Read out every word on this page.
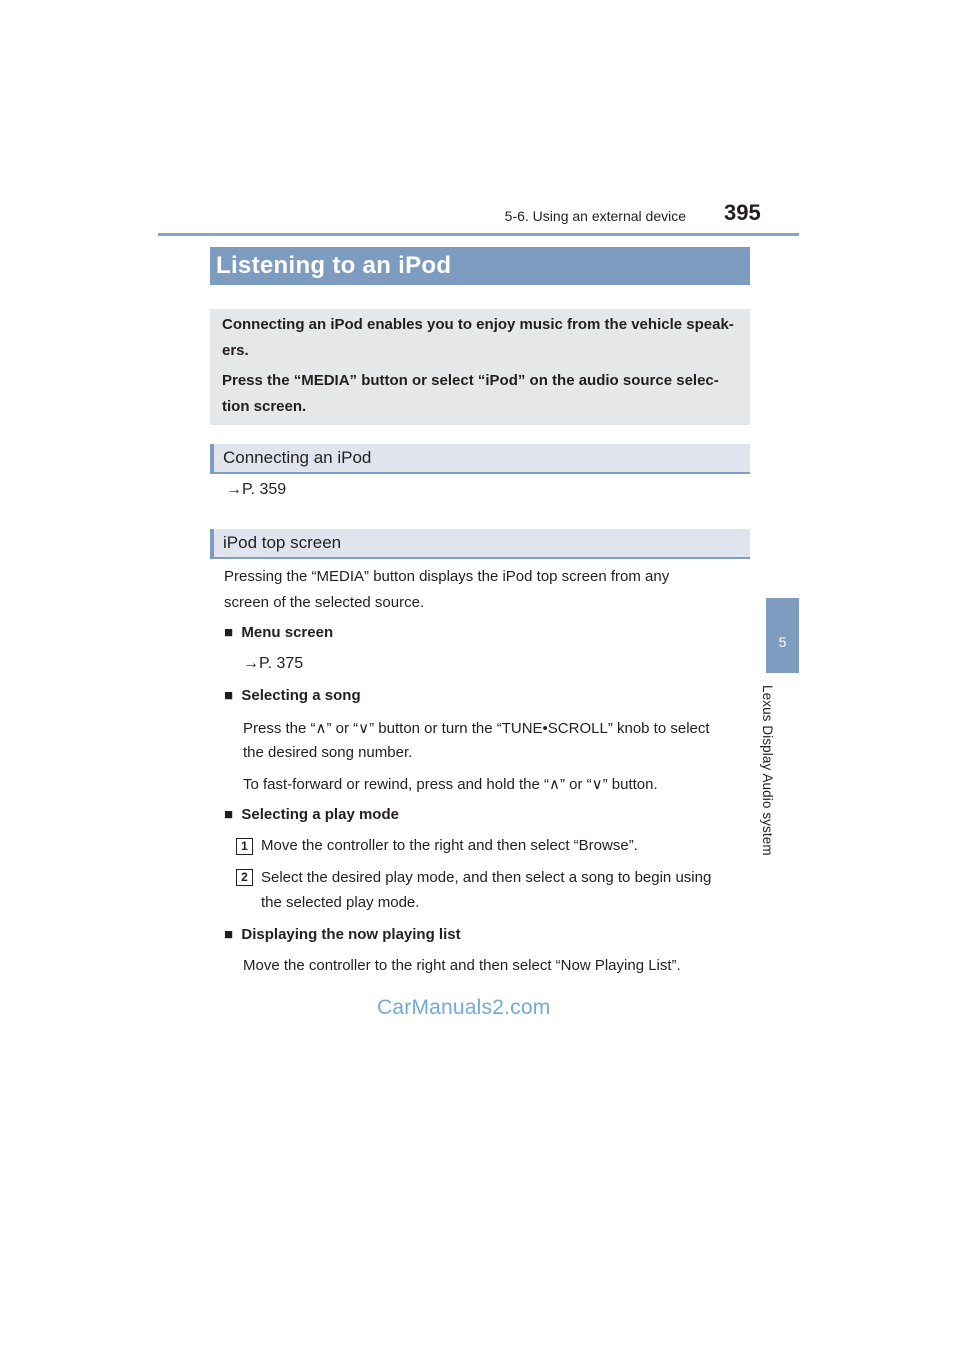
5-6. Using an external device 395
5
Lexus Display Audio system
Listening to an iPod
Connecting an iPod enables you to enjoy music from the vehicle speak-
ers.
Press the “MEDIA” button or select “iPod” on the audio source selec-
tion screen.
Connecting an iPod
→P. 359
iPod top screen
Pressing the “MEDIA” button displays the iPod top screen from any
screen of the selected source.
■ Menu screen
→P. 375
■ Selecting a song
Press the “∧” or “∨” button or turn the “TUNE•SCROLL” knob to select
the desired song number.
To fast-forward or rewind, press and hold the “∧” or “∨” button.
■ Selecting a play mode
1 Move the controller to the right and then select “Browse”.
2 Select the desired play mode, and then select a song to begin using
the selected play mode.
■ Displaying the now playing list
Move the controller to the right and then select “Now Playing List”.
CarManuals2.com
